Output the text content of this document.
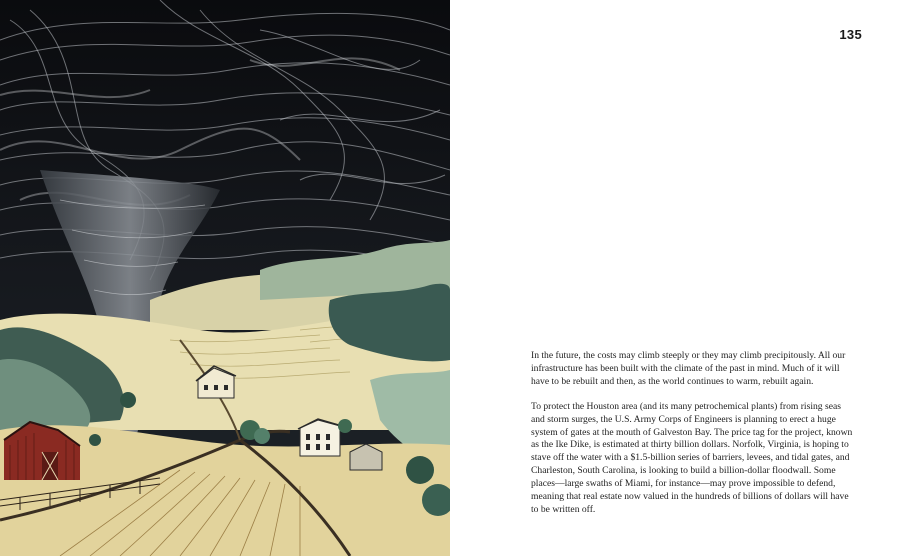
135

In the future, the costs may climb steeply or they may climb precipitously. All our infrastructure has been built with the climate of the past in mind. Much of it will have to be rebuilt and then, as the world continues to warm, rebuilt again.

To protect the Houston area (and its many petrochemical plants) from rising seas and storm surges, the U.S. Army Corps of Engineers is planning to erect a huge system of gates at the mouth of Galveston Bay. The price tag for the project, known as the Ike Dike, is estimated at thirty billion dollars. Norfolk, Virginia, is hoping to stave off the water with a $1.5-billion series of barriers, levees, and tidal gates, and Charleston, South Carolina, is looking to build a billion-dollar floodwall. Some places—large swaths of Miami, for instance—may prove impossible to defend, meaning that real estate now valued in the hundreds of billions of dollars will have to be written off.
